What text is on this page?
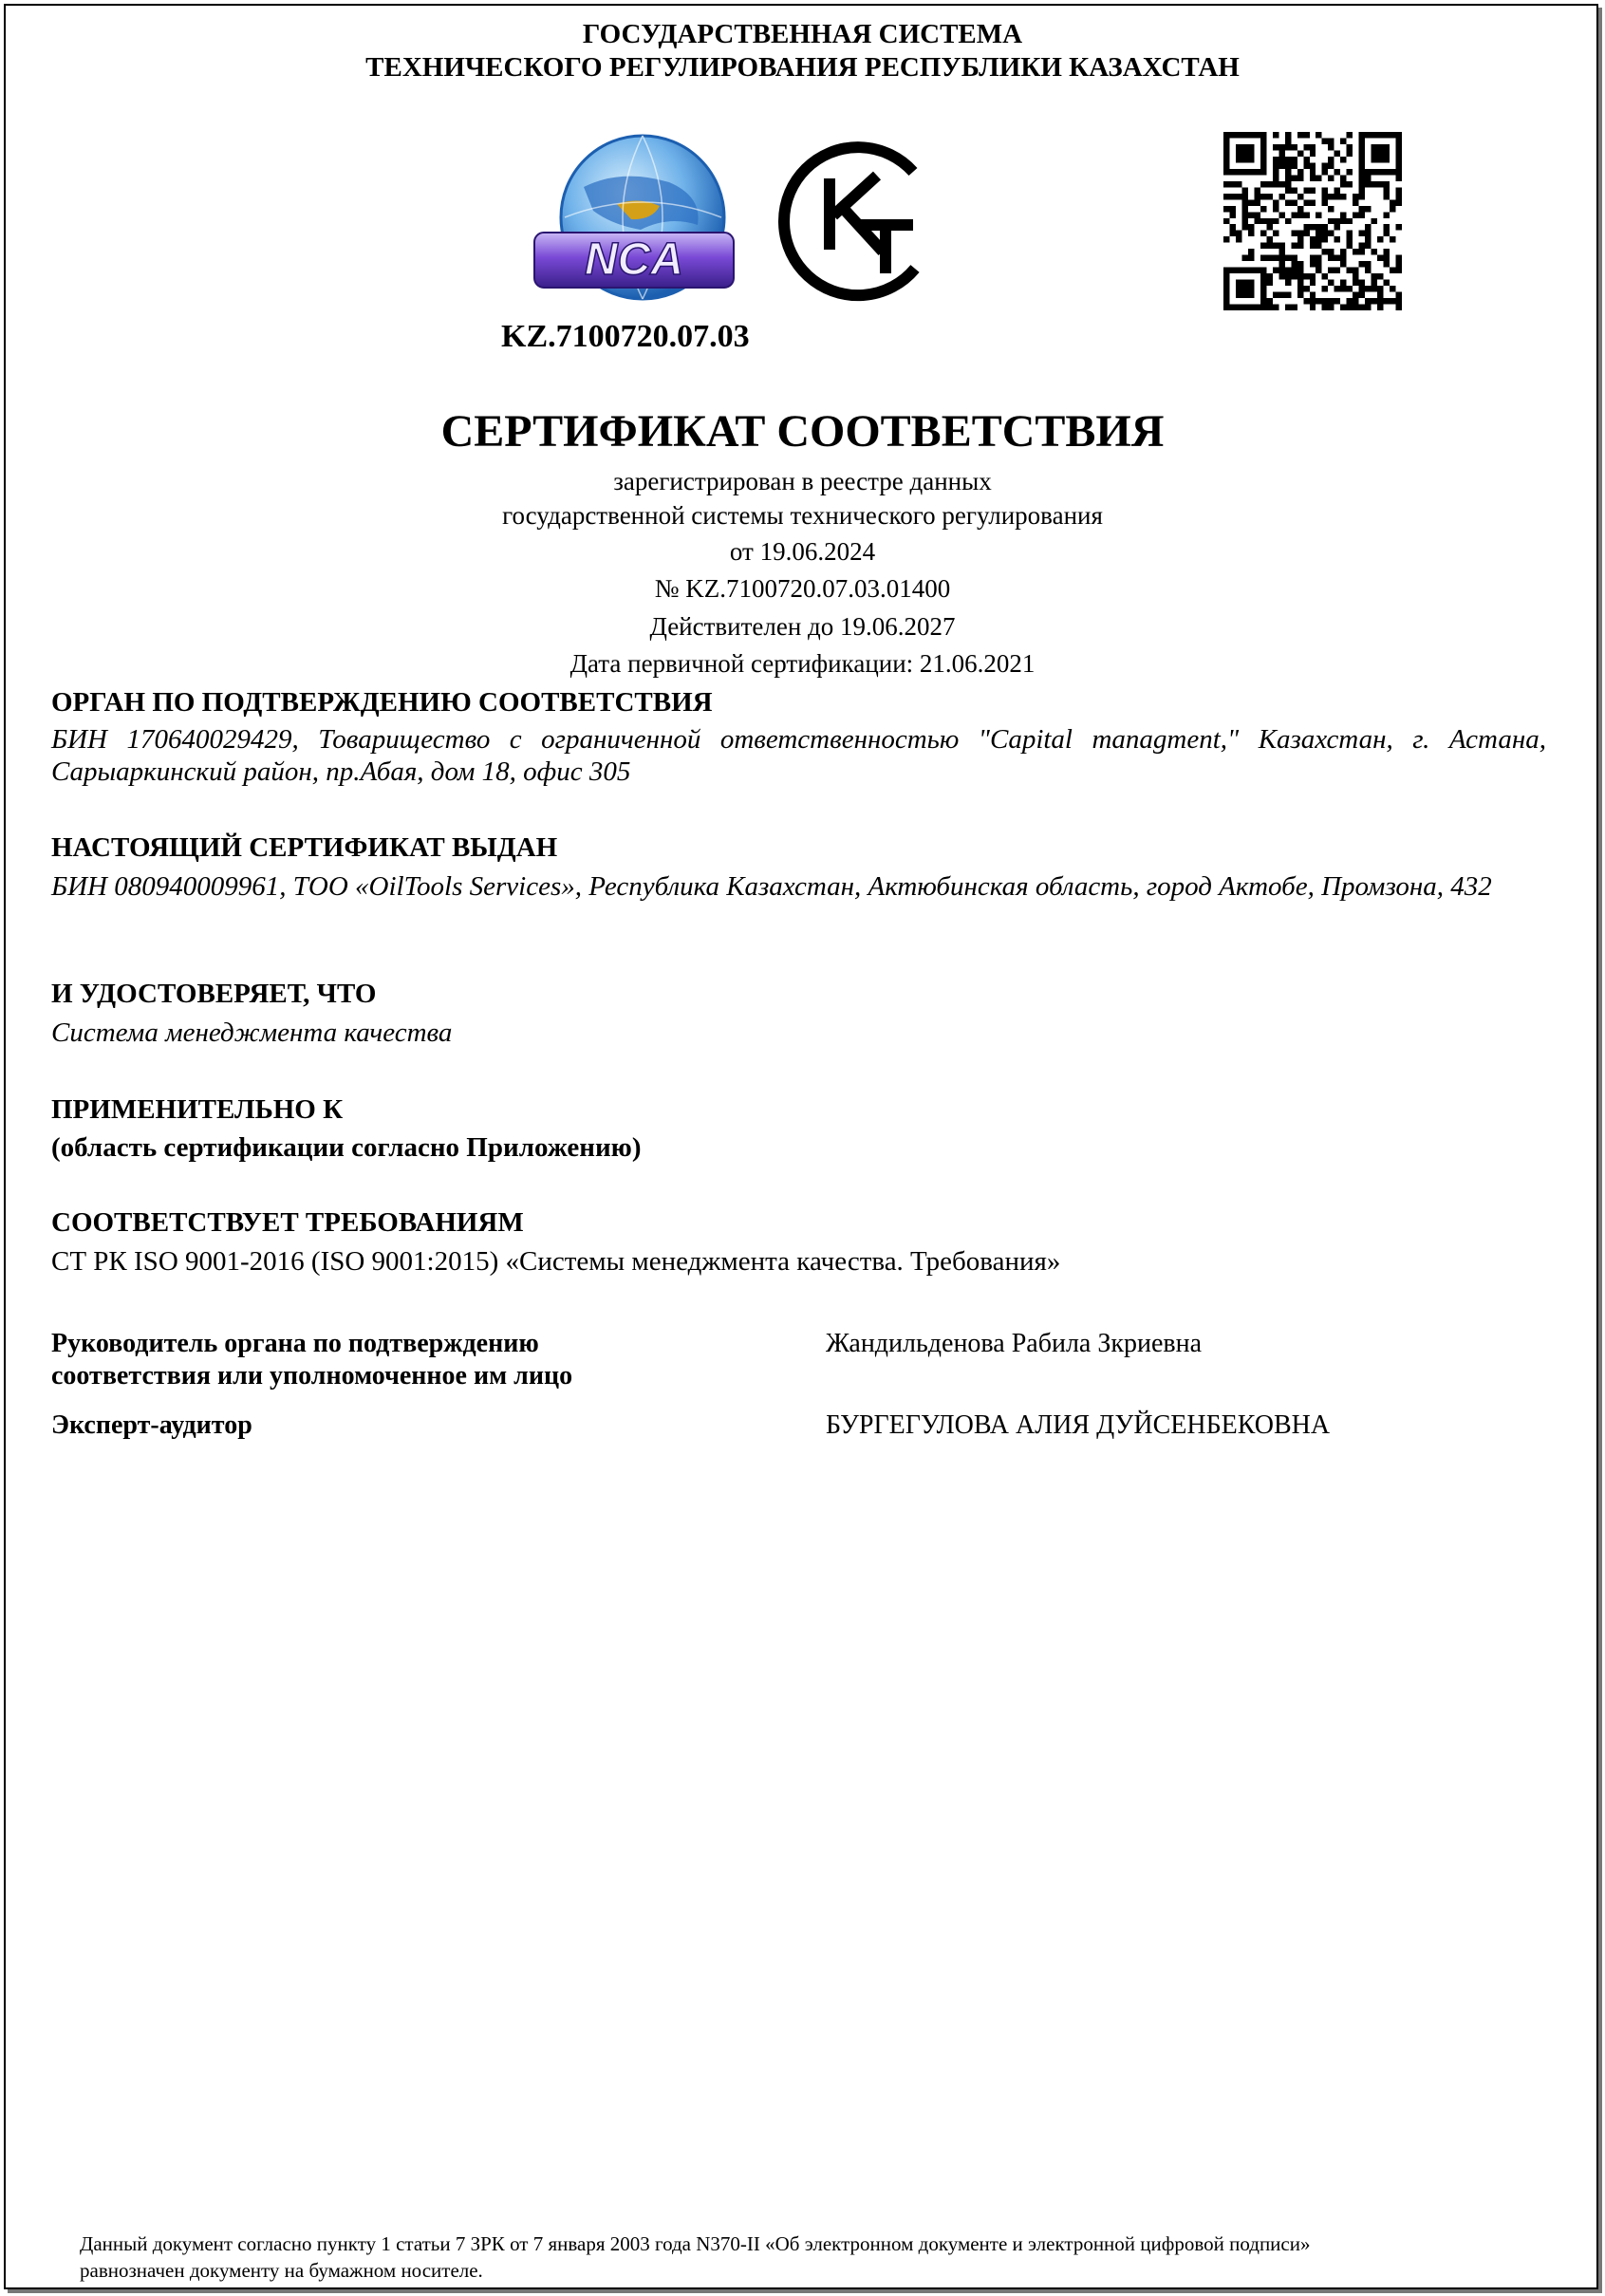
ГОСУДАРСТВЕННАЯ СИСТЕМА
ТЕХНИЧЕСКОГО РЕГУЛИРОВАНИЯ РЕСПУБЛИКИ КАЗАХСТАН
NCA
KZ.7100720.07.03
СЕРТИФИКАТ СООТВЕТСТВИЯ
зарегистрирован в реестре данных
государственной системы технического регулирования
от 19.06.2024
№ KZ.7100720.07.03.01400
Действителен до 19.06.2027
Дата первичной сертификации: 21.06.2021
ОРГАН ПО ПОДТВЕРЖДЕНИЮ СООТВЕТСТВИЯ
БИН 170640029429, Товарищество с ограниченной ответственностью "Capital managment," Казахстан, г. Астана, Сарыаркинский район, пр.Абая, дом 18, офис 305
НАСТОЯЩИЙ СЕРТИФИКАТ ВЫДАН
БИН 080940009961, ТОО «OilTools Services», Республика Казахстан, Актюбинская область, город Актобе, Промзона, 432
И УДОСТОВЕРЯЕТ, ЧТО
Система менеджмента качества
ПРИМЕНИТЕЛЬНО К
(область сертификации согласно Приложению)
СООТВЕТСТВУЕТ ТРЕБОВАНИЯМ
СТ РК ISO 9001-2016 (ISO 9001:2015) «Системы менеджмента качества. Требования»
Руководитель органа по подтверждению
соответствия или уполномоченное им лицо
Жандильденова Рабила Зкриевна
Эксперт-аудитор	БУРГЕГУЛОВА АЛИЯ ДУЙСЕНБЕКОВНА
Данный документ согласно пункту 1 статьи 7 ЗРК от 7 января 2003 года N370-II «Об электронном документе и электронной цифровой подписи»
равнозначен документу на бумажном носителе.
